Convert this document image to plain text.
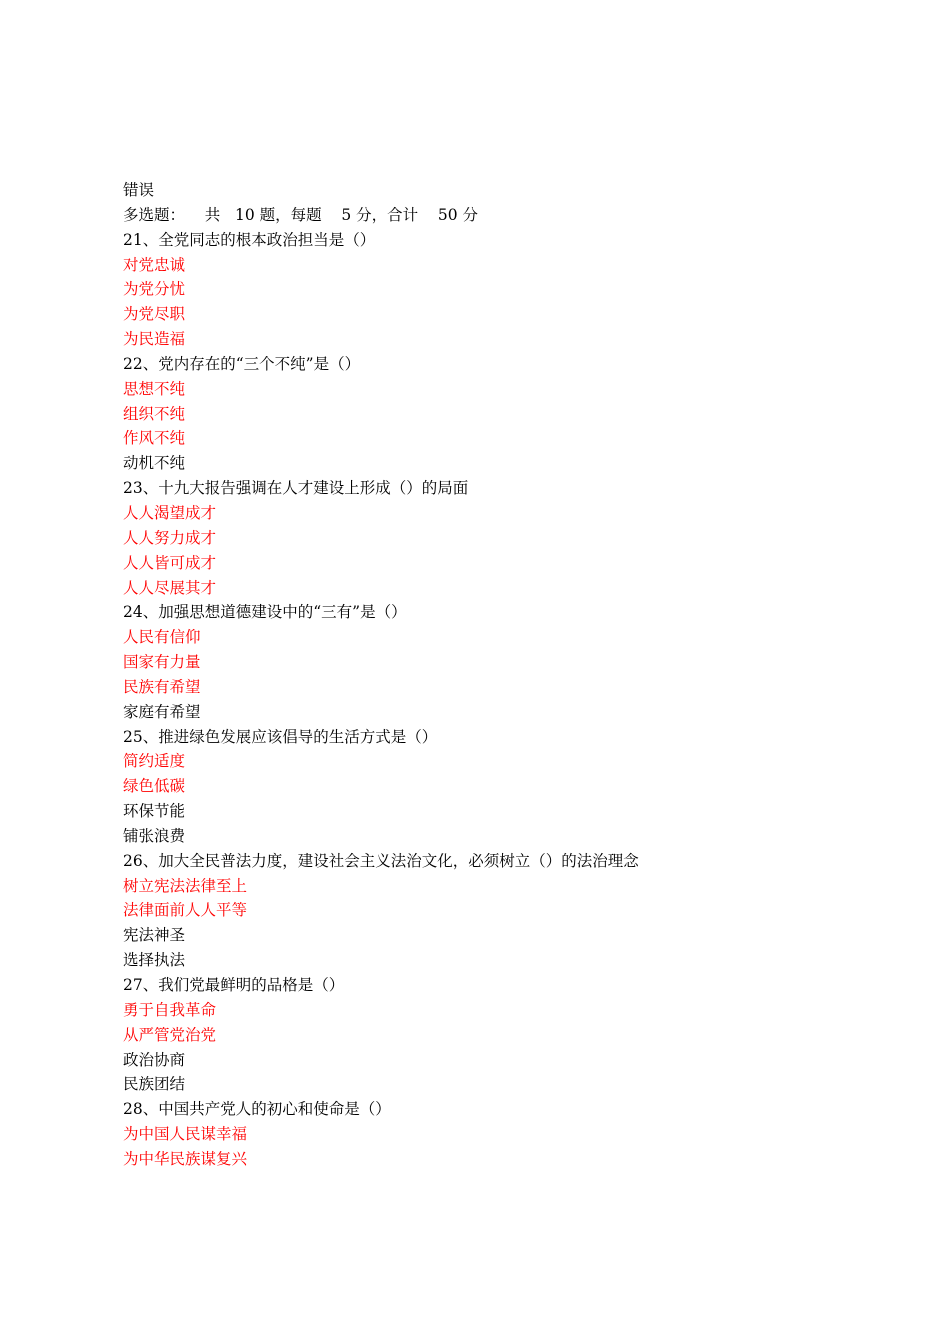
错误
多选题：    共   10 题，每题    5 分，合计    50 分
21、全党同志的根本政治担当是（）
对党忠诚
为党分忧
为党尽职
为民造福
22、党内存在的“三个不纯”是（）
思想不纯
组织不纯
作风不纯
动机不纯
23、十九大报告强调在人才建设上形成（）的局面
人人渴望成才
人人努力成才
人人皆可成才
人人尽展其才
24、加强思想道德建设中的“三有”是（）
人民有信仰
国家有力量
民族有希望
家庭有希望
25、推进绿色发展应该倡导的生活方式是（）
简约适度
绿色低碳
环保节能
铺张浪费
26、加大全民普法力度，建设社会主义法治文化，必须树立（）的法治理念
树立宪法法律至上
法律面前人人平等
宪法神圣
选择执法
27、我们党最鲜明的品格是（）
勇于自我革命
从严管党治党
政治协商
民族团结
28、中国共产党人的初心和使命是（）
为中国人民谋幸福
为中华民族谋复兴
